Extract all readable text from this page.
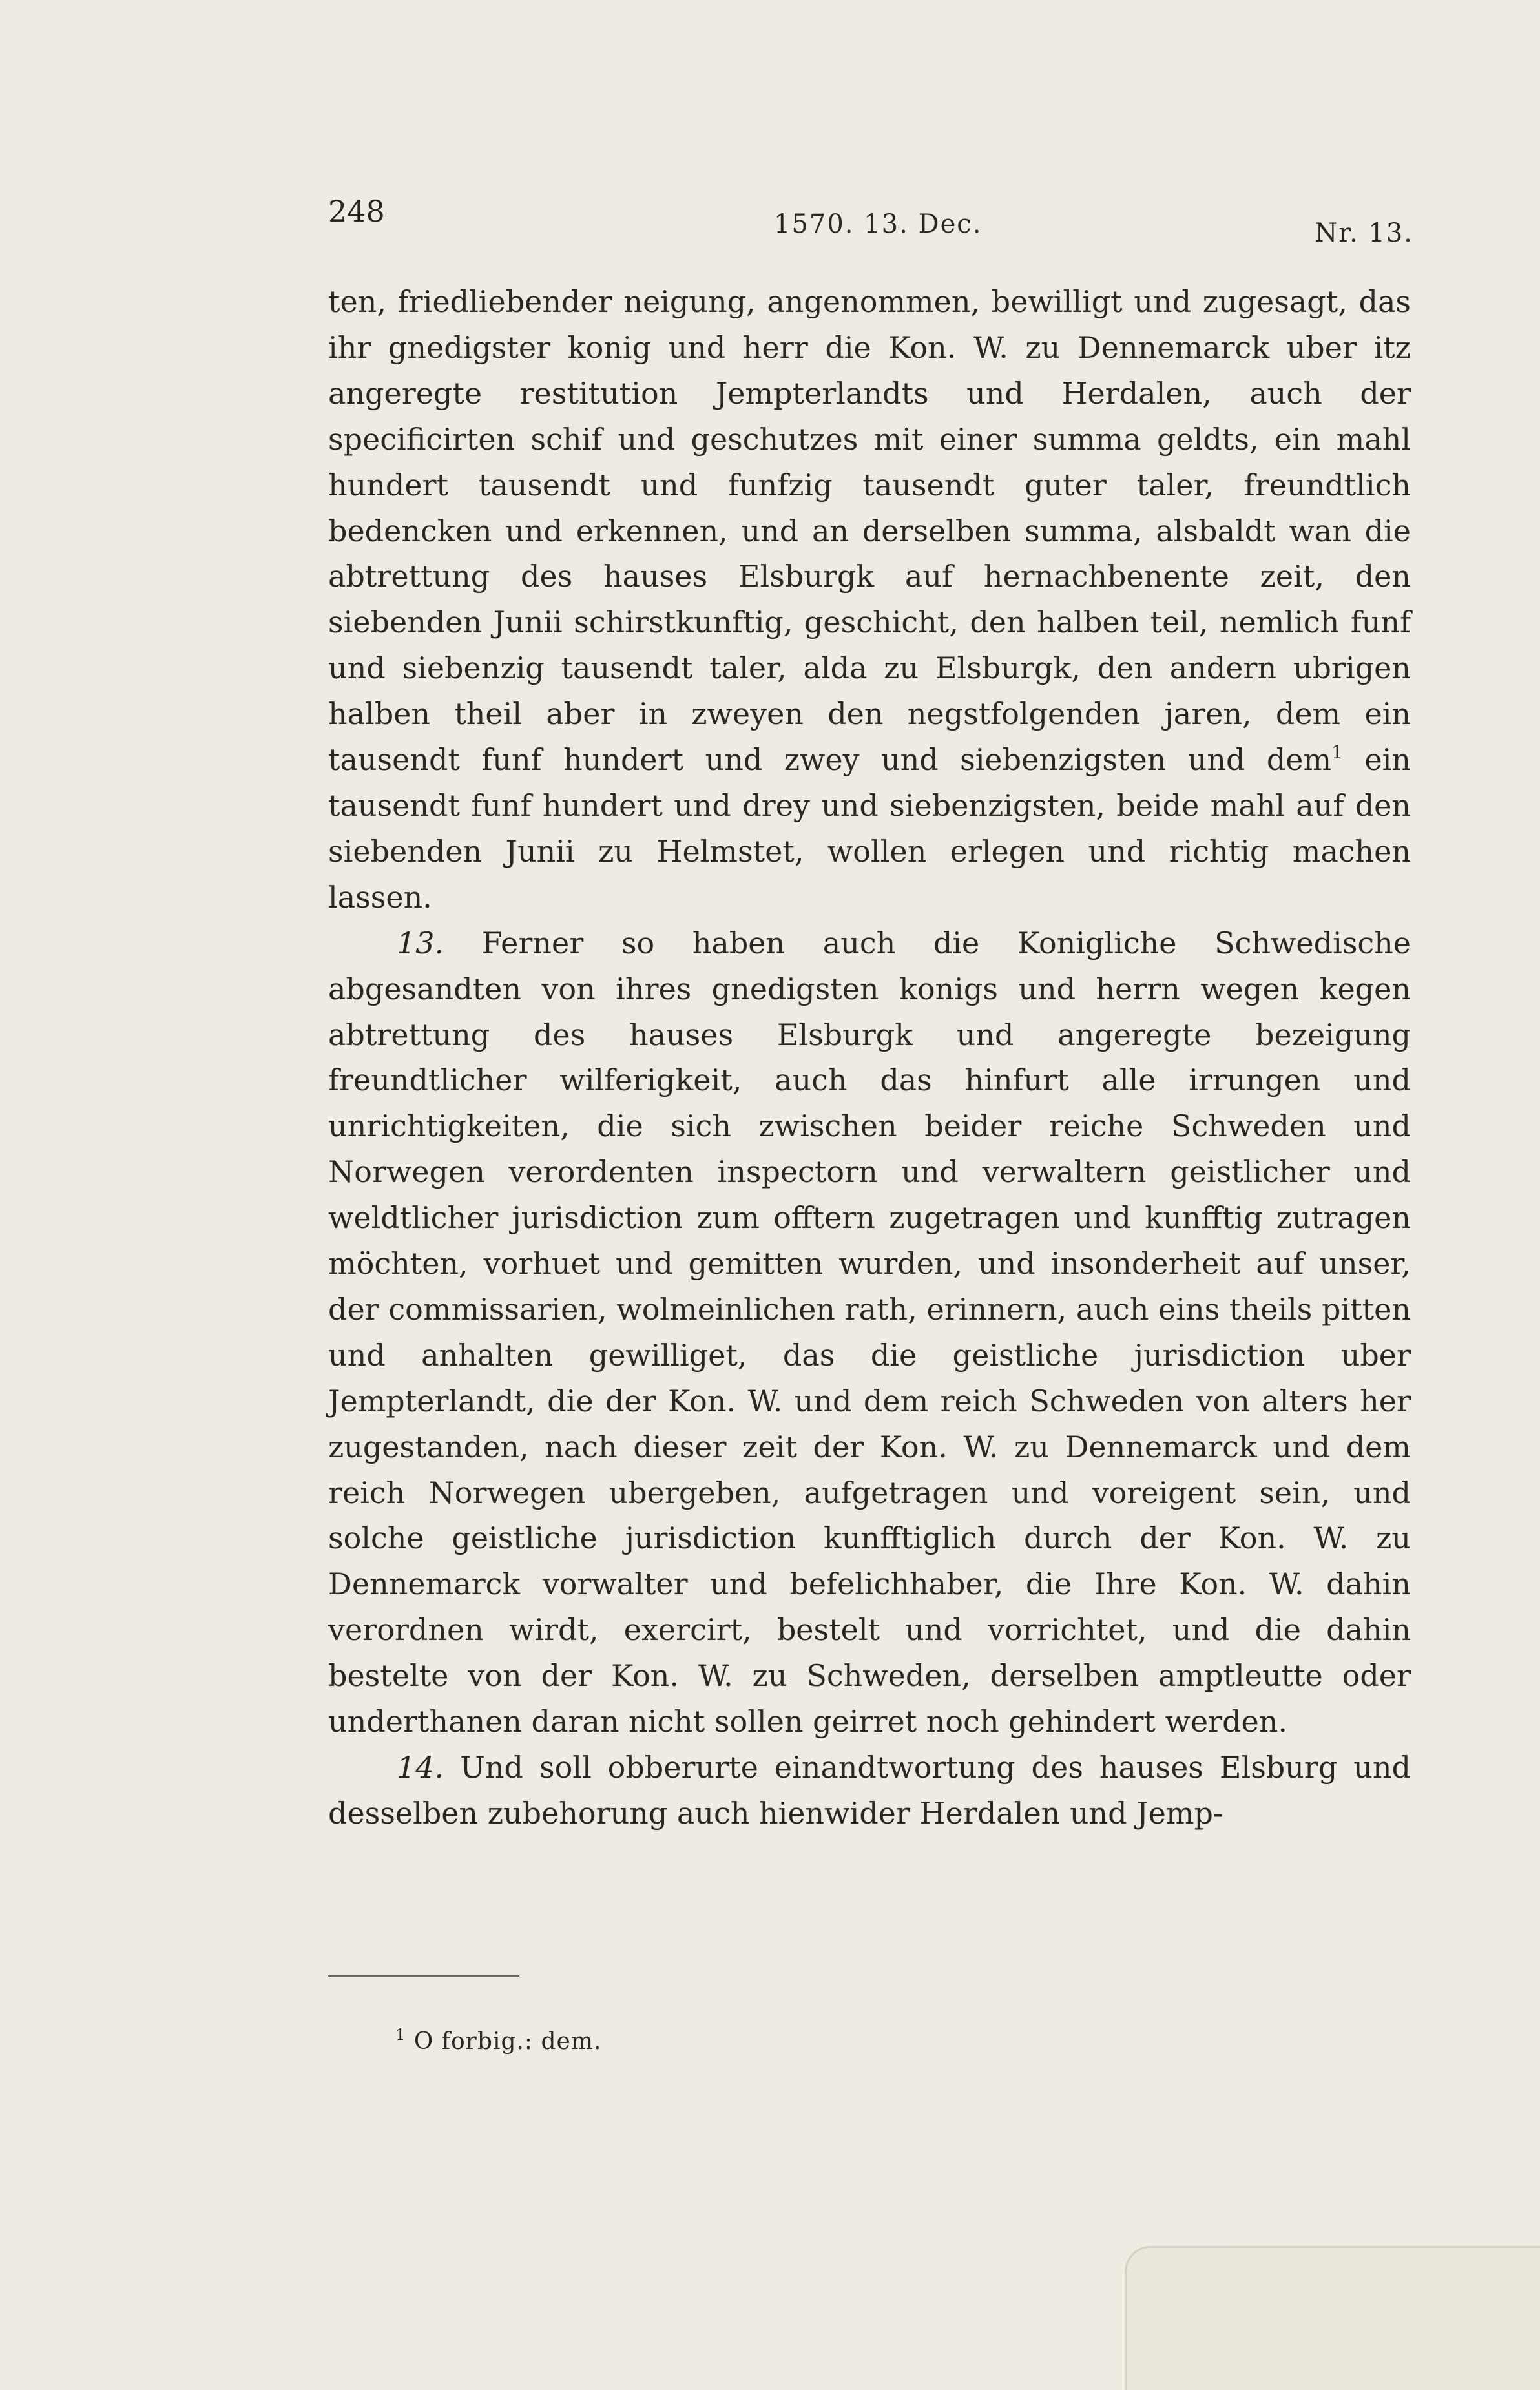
248	1570. 13. Dec.	Nr. 13.

ten, friedliebender neigung, angenommen, bewilligt und zugesagt, das ihr gnedigster konig und herr die Kon. W. zu Dennemarck uber itz angeregte restitution Jempterlandts und Herdalen, auch der specificirten schif und geschutzes mit einer summa geldts, ein mahl hundert tausendt und funfzig tausendt guter taler, freundtlich bedencken und erkennen, und an derselben summa, alsbaldt wan die abtrettung des hauses Elsburgk auf hernachbenente zeit, den siebenden Junii schirstkunftig, geschicht, den halben teil, nemlich funf und siebenzig tausendt taler, alda zu Elsburgk, den andern ubrigen halben theil aber in zweyen den negstfolgenden jaren, dem ein tausendt funf hundert und zwey und siebenzigsten und dem$^1$ ein tausendt funf hundert und drey und siebenzigsten, beide mahl auf den siebenden Junii zu Helmstet, wollen erlegen und richtig machen lassen.

13. Ferner so haben auch die Konigliche Schwedische abgesandten von ihres gnedigsten konigs und herrn wegen kegen abtrettung des hauses Elsburgk und angeregte bezeigung freundtlicher wilferigkeit, auch das hinfurt alle irrungen und unrichtigkeiten, die sich zwischen beider reiche Schweden und Norwegen verordenten inspectorn und verwaltern geistlicher und weldtlicher jurisdiction zum offtern zugetragen und kunfftig zutragen möchten, vorhuet und gemitten wurden, und insonderheit auf unser, der commissarien, wolmeinlichen rath, erinnern, auch eins theils pitten und anhalten gewilliget, das die geistliche jurisdiction uber Jempterlandt, die der Kon. W. und dem reich Schweden von alters her zugestanden, nach dieser zeit der Kon. W. zu Dennemarck und dem reich Norwegen ubergeben, aufgetragen und voreigent sein, und solche geistliche jurisdiction kunfftiglich durch der Kon. W. zu Dennemarck vorwalter und befelichhaber, die Ihre Kon. W. dahin verordnen wirdt, exercirt, bestelt und vorrichtet, und die dahin bestelte von der Kon. W. zu Schweden, derselben amptleutte oder underthanen daran nicht sollen geirret noch gehindert werden.

14. Und soll obberurte einandtwortung des hauses Elsburg und desselben zubehorung auch hienwider Herdalen und Jemp-

$^1$ O forbig.: dem.
